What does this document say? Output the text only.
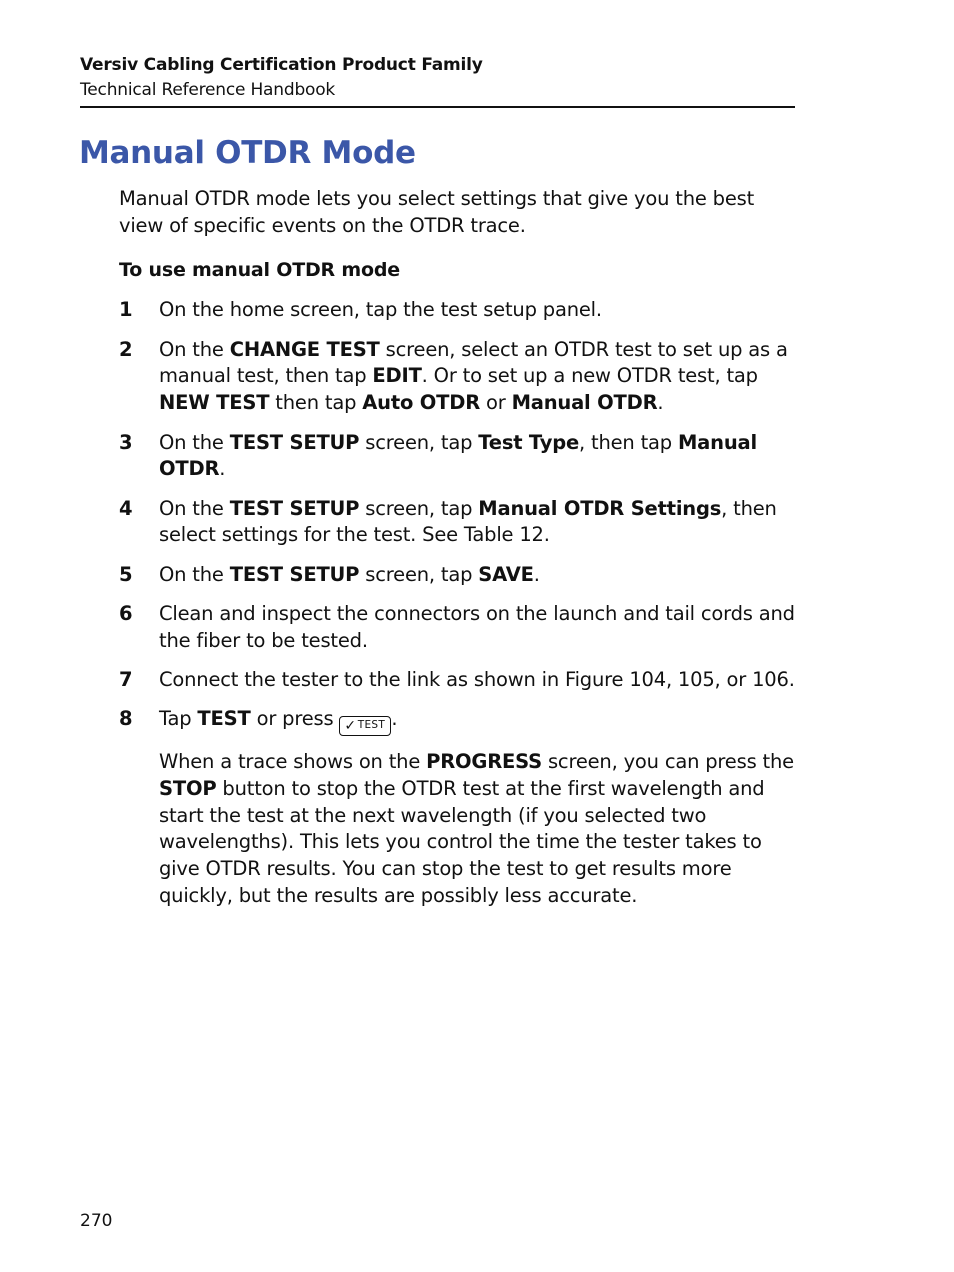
Versiv Cabling Certification Product Family
Technical Reference Handbook
Manual OTDR Mode

Manual OTDR mode lets you select settings that give you the best view of specific events on the OTDR trace.

To use manual OTDR mode
1 On the home screen, tap the test setup panel.
2 On the CHANGE TEST screen, select an OTDR test to set up as a manual test, then tap EDIT. Or to set up a new OTDR test, tap NEW TEST then tap Auto OTDR or Manual OTDR.
3 On the TEST SETUP screen, tap Test Type, then tap Manual OTDR.
4 On the TEST SETUP screen, tap Manual OTDR Settings, then select settings for the test. See Table 12.
5 On the TEST SETUP screen, tap SAVE.
6 Clean and inspect the connectors on the launch and tail cords and the fiber to be tested.
7 Connect the tester to the link as shown in Figure 104, 105, or 106.
8 Tap TEST or press ✓ TEST .

When a trace shows on the PROGRESS screen, you can press the STOP button to stop the OTDR test at the first wavelength and start the test at the next wavelength (if you selected two wavelengths). This lets you control the time the tester takes to give OTDR results. You can stop the test to get results more quickly, but the results are possibly less accurate.

270
